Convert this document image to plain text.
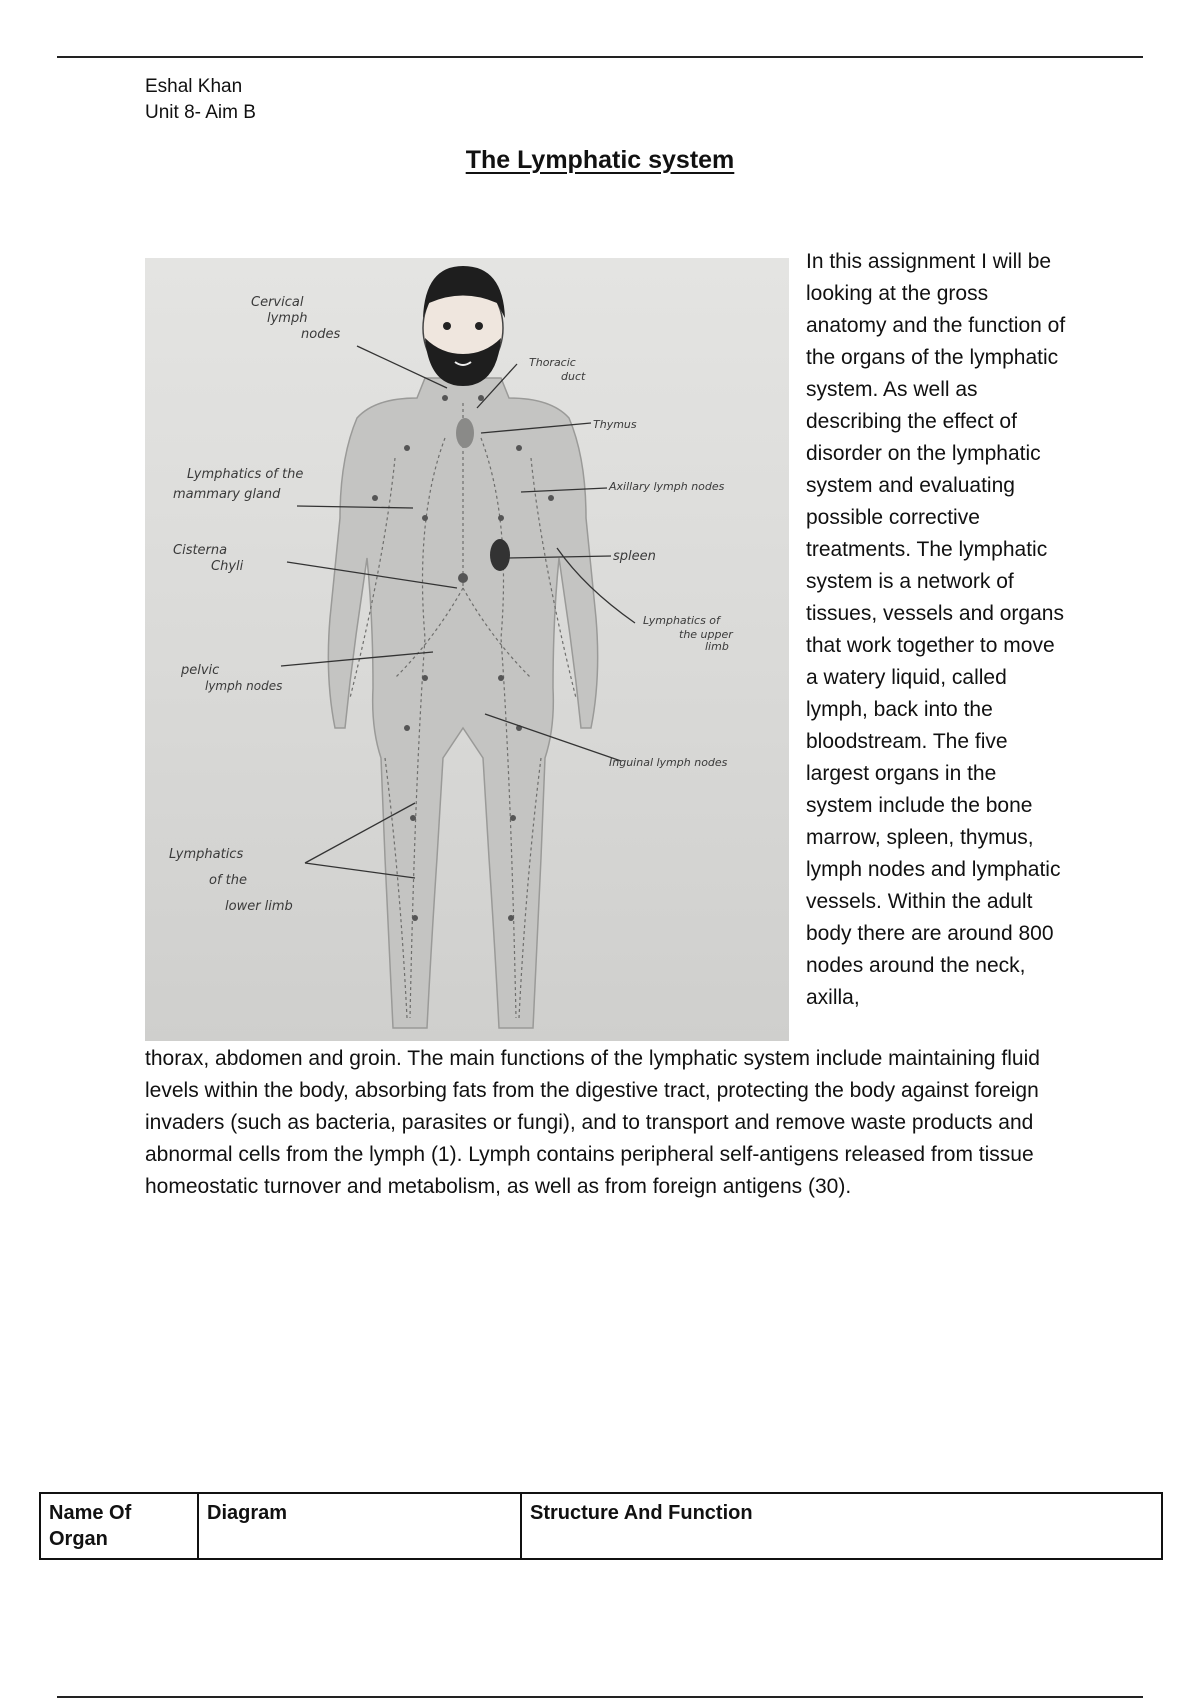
Eshal Khan
Unit 8- Aim B
The Lymphatic system
Cervical
lymph
nodes
Thoracic
duct
Thymus
Lymphatics of the
mammary gland
Axillary lymph nodes
Cisterna
Chyli
spleen
Lymphatics of
the upper
limb
pelvic
lymph nodes
Inguinal lymph nodes
Lymphatics
of the
lower limb

In this assignment I will be looking at the gross anatomy and the function of the organs of the lymphatic system. As well as describing the effect of disorder on the lymphatic system and evaluating possible corrective treatments. The lymphatic system is a network of tissues, vessels and organs that work together to move a watery liquid, called lymph, back into the bloodstream. The five largest organs in the system include the bone marrow, spleen, thymus, lymph nodes and lymphatic vessels. Within the adult body there are around 800 nodes around the neck, axilla,

thorax, abdomen and groin. The main functions of the lymphatic system include maintaining fluid levels within the body, absorbing fats from the digestive tract, protecting the body against foreign invaders (such as bacteria, parasites or fungi), and to transport and remove waste products and abnormal cells from the lymph (1). Lymph contains peripheral self-antigens released from tissue homeostatic turnover and metabolism, as well as from foreign antigens (30).

Name Of Organ	Diagram	Structure And Function
